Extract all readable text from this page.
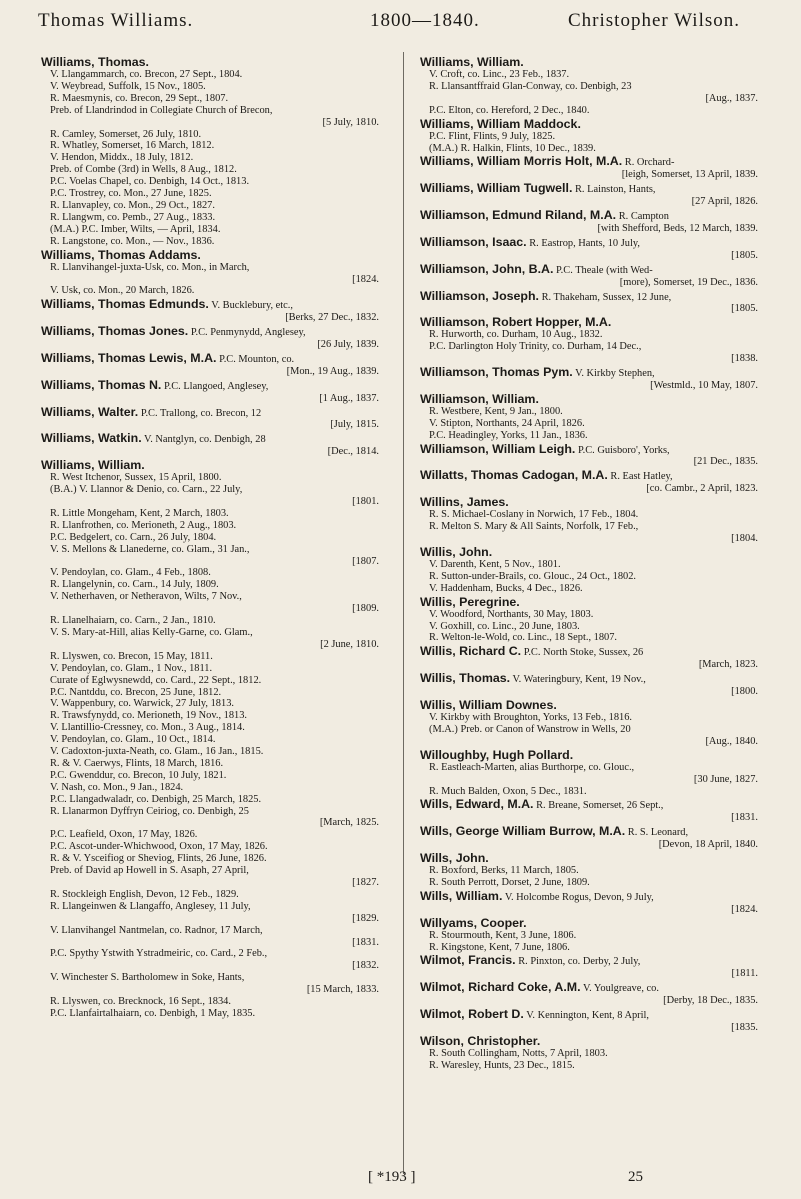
Thomas Williams.	1800—1840.	Christopher Wilson.
Williams, Thomas.
V. Llangammarch, co. Brecon, 27 Sept., 1804.
V. Weybread, Suffolk, 15 Nov., 1805.
R. Maesmynis, co. Brecon, 29 Sept., 1807.
Preb. of Llandrindod in Collegiate Church of Brecon,
[5 July, 1810.
R. Camley, Somerset, 26 July, 1810.
R. Whatley, Somerset, 16 March, 1812.
V. Hendon, Middx., 18 July, 1812.
Preb. of Combe (3rd) in Wells, 8 Aug., 1812.
P.C. Voelas Chapel, co. Denbigh, 14 Oct., 1813.
P.C. Trostrey, co. Mon., 27 June, 1825.
R. Llanvapley, co. Mon., 29 Oct., 1827.
R. Llangwm, co. Pemb., 27 Aug., 1833.
(M.A.) P.C. Imber, Wilts, — April, 1834.
R. Langstone, co. Mon., — Nov., 1836.
Williams, Thomas Addams.
R. Llanvihangel-juxta-Usk, co. Mon., in March,
[1824.
V. Usk, co. Mon., 20 March, 1826.
Williams, Thomas Edmunds. V. Bucklebury, etc.,
[Berks, 27 Dec., 1832.
Williams, Thomas Jones. P.C. Penmynydd, Anglesey,
[26 July, 1839.
Williams, Thomas Lewis, M.A. P.C. Mounton, co.
[Mon., 19 Aug., 1839.
Williams, Thomas N. P.C. Llangoed, Anglesey,
[1 Aug., 1837.
Williams, Walter. P.C. Trallong, co. Brecon, 12
[July, 1815.
Williams, Watkin. V. Nantglyn, co. Denbigh, 28
[Dec., 1814.
Williams, William.
R. West Itchenor, Sussex, 15 April, 1800.
(B.A.) V. Llannor & Denio, co. Carn., 22 July,
[1801.
R. Little Mongeham, Kent, 2 March, 1803.
R. Llanfrothen, co. Merioneth, 2 Aug., 1803.
P.C. Bedgelert, co. Carn., 26 July, 1804.
V. S. Mellons & Llanederne, co. Glam., 31 Jan.,
[1807.
V. Pendoylan, co. Glam., 4 Feb., 1808.
R. Llangelynin, co. Carn., 14 July, 1809.
V. Netherhaven, or Netheravon, Wilts, 7 Nov.,
[1809.
R. Llanelhaiarn, co. Carn., 2 Jan., 1810.
V. S. Mary-at-Hill, alias Kelly-Garne, co. Glam.,
[2 June, 1810.
R. Llyswen, co. Brecon, 15 May, 1811.
V. Pendoylan, co. Glam., 1 Nov., 1811.
Curate of Eglwysnewdd, co. Card., 22 Sept., 1812.
P.C. Nantddu, co. Brecon, 25 June, 1812.
V. Wappenbury, co. Warwick, 27 July, 1813.
R. Trawsfynydd, co. Merioneth, 19 Nov., 1813.
V. Llantillio-Cressney, co. Mon., 3 Aug., 1814.
V. Pendoylan, co. Glam., 10 Oct., 1814.
V. Cadoxton-juxta-Neath, co. Glam., 16 Jan., 1815.
R. & V. Caerwys, Flints, 18 March, 1816.
P.C. Gwenddur, co. Brecon, 10 July, 1821.
V. Nash, co. Mon., 9 Jan., 1824.
P.C. Llangadwaladr, co. Denbigh, 25 March, 1825.
R. Llanarmon Dyffryn Ceiriog, co. Denbigh, 25
[March, 1825.
P.C. Leafield, Oxon, 17 May, 1826.
P.C. Ascot-under-Whichwood, Oxon, 17 May, 1826.
R. & V. Ysceifiog or Sheviog, Flints, 26 June, 1826.
Preb. of David ap Howell in S. Asaph, 27 April,
[1827.
R. Stockleigh English, Devon, 12 Feb., 1829.
R. Llangeinwen & Llangaffo, Anglesey, 11 July,
[1829.
V. Llanvihangel Nantmelan, co. Radnor, 17 March,
[1831.
P.C. Spythy Ystwith Ystradmeiric, co. Card., 2 Feb.,
[1832.
V. Winchester S. Bartholomew in Soke, Hants,
[15 March, 1833.
R. Llyswen, co. Brecknock, 16 Sept., 1834.
P.C. Llanfairtalhaiarn, co. Denbigh, 1 May, 1835.
Williams, William.
V. Croft, co. Linc., 23 Feb., 1837.
R. Llansantffraid Glan-Conway, co. Denbigh, 23
[Aug., 1837.
P.C. Elton, co. Hereford, 2 Dec., 1840.
Williams, William Maddock.
P.C. Flint, Flints, 9 July, 1825.
(M.A.) R. Halkin, Flints, 10 Dec., 1839.
Williams, William Morris Holt, M.A. R. Orchard-
[leigh, Somerset, 13 April, 1839.
Williams, William Tugwell. R. Lainston, Hants,
[27 April, 1826.
Williamson, Edmund Riland, M.A. R. Campton
[with Shefford, Beds, 12 March, 1839.
Williamson, Isaac. R. Eastrop, Hants, 10 July,
[1805.
Williamson, John, B.A. P.C. Theale (with Wed-
[more), Somerset, 19 Dec., 1836.
Williamson, Joseph. R. Thakeham, Sussex, 12 June,
[1805.
Williamson, Robert Hopper, M.A.
R. Hurworth, co. Durham, 10 Aug., 1832.
P.C. Darlington Holy Trinity, co. Durham, 14 Dec.,
[1838.
Williamson, Thomas Pym. V. Kirkby Stephen,
[Westmld., 10 May, 1807.
Williamson, William.
R. Westbere, Kent, 9 Jan., 1800.
V. Stipton, Northants, 24 April, 1826.
P.C. Headingley, Yorks, 11 Jan., 1836.
Williamson, William Leigh. P.C. Guisboro', Yorks,
[21 Dec., 1835.
Willatts, Thomas Cadogan, M.A. R. East Hatley,
[co. Cambr., 2 April, 1823.
Willins, James.
R. S. Michael-Coslany in Norwich, 17 Feb., 1804.
R. Melton S. Mary & All Saints, Norfolk, 17 Feb.,
[1804.
Willis, John.
V. Darenth, Kent, 5 Nov., 1801.
R. Sutton-under-Brails, co. Glouc., 24 Oct., 1802.
V. Haddenham, Bucks, 4 Dec., 1826.
Willis, Peregrine.
V. Woodford, Northants, 30 May, 1803.
V. Goxhill, co. Linc., 20 June, 1803.
R. Welton-le-Wold, co. Linc., 18 Sept., 1807.
Willis, Richard C. P.C. North Stoke, Sussex, 26
[March, 1823.
Willis, Thomas. V. Wateringbury, Kent, 19 Nov.,
[1800.
Willis, William Downes.
V. Kirkby with Broughton, Yorks, 13 Feb., 1816.
(M.A.) Preb. or Canon of Wanstrow in Wells, 20
[Aug., 1840.
Willoughby, Hugh Pollard.
R. Eastleach-Marten, alias Burthorpe, co. Glouc.,
[30 June, 1827.
R. Much Balden, Oxon, 5 Dec., 1831.
Wills, Edward, M.A. R. Breane, Somerset, 26 Sept.,
[1831.
Wills, George William Burrow, M.A. R. S. Leonard,
[Devon, 18 April, 1840.
Wills, John.
R. Boxford, Berks, 11 March, 1805.
R. South Perrott, Dorset, 2 June, 1809.
Wills, William. V. Holcombe Rogus, Devon, 9 July,
[1824.
Willyams, Cooper.
R. Stourmouth, Kent, 3 June, 1806.
R. Kingstone, Kent, 7 June, 1806.
Wilmot, Francis. R. Pinxton, co. Derby, 2 July,
[1811.
Wilmot, Richard Coke, A.M. V. Youlgreave, co.
[Derby, 18 Dec., 1835.
Wilmot, Robert D. V. Kennington, Kent, 8 April,
[1835.
Wilson, Christopher.
R. South Collingham, Notts, 7 April, 1803.
R. Waresley, Hunts, 23 Dec., 1815.
[ *193 ]	25
